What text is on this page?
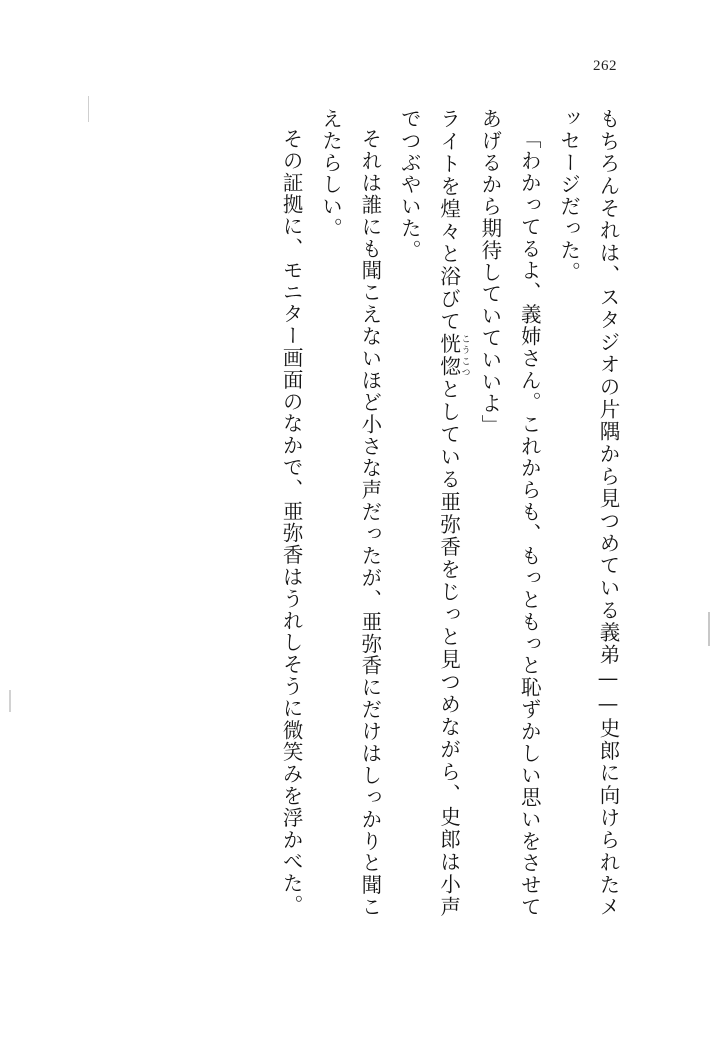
262

もちろんそれは、スタジオの片隅から見つめている義弟——史郎に向けられたメッセージだった。

「わかってるよ、義姉さん。これからも、もっともっと恥ずかしい思いをさせてあげるから期待していていいよ」

ライトを煌々と浴びて恍惚 こうこつとしている亜弥香をじっと見つめながら、史郎は小声でつぶやいた。

それは誰にも聞こえないほど小さな声だったが、亜弥香にだけはしっかりと聞こえたらしい。

その証拠に、モニター画面のなかで、亜弥香はうれしそうに微笑みを浮かべた。
